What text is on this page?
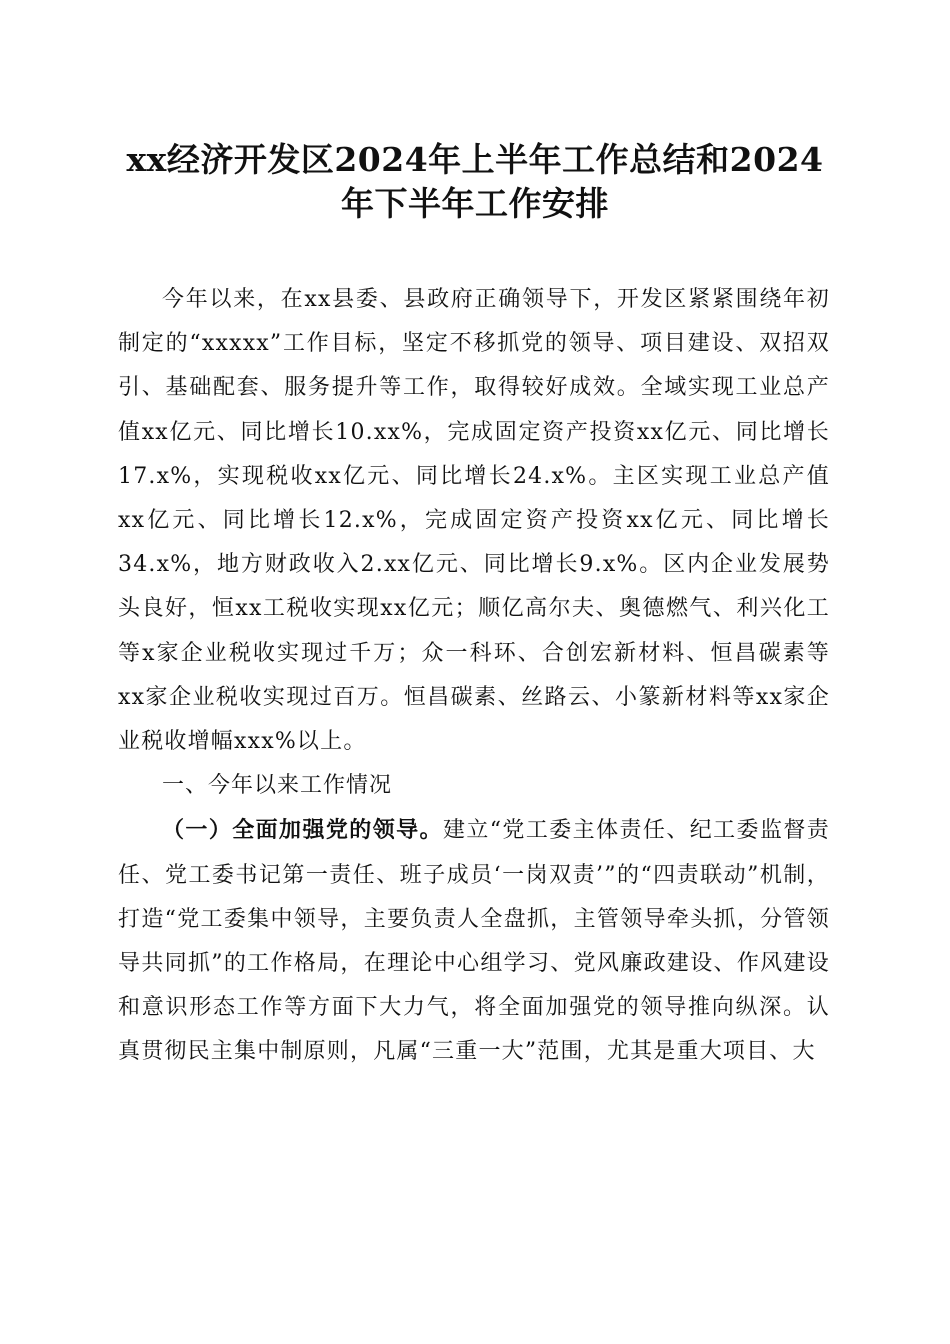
xx经济开发区2024年上半年工作总结和2024
年下半年工作安排

今年以来，在xx县委、县政府正确领导下，开发区紧紧围绕年初制定的“xxxxx”工作目标，坚定不移抓党的领导、项目建设、双招双引、基础配套、服务提升等工作，取得较好成效。全域实现工业总产值xx亿元、同比增长10.xx%，完成固定资产投资xx亿元、同比增长17.x%，实现税收xx亿元、同比增长24.x%。主区实现工业总产值xx亿元、同比增长12.x%，完成固定资产投资xx亿元、同比增长34.x%，地方财政收入2.xx亿元、同比增长9.x%。区内企业发展势头良好，恒xx工税收实现xx亿元；顺亿高尔夫、奥德燃气、利兴化工等x家企业税收实现过千万；众一科环、合创宏新材料、恒昌碳素等xx家企业税收实现过百万。恒昌碳素、丝路云、小篆新材料等xx家企业税收增幅xxx%以上。

一、今年以来工作情况

（一）全面加强党的领导。建立“党工委主体责任、纪工委监督责任、党工委书记第一责任、班子成员‘一岗双责’”的“四责联动”机制，打造“党工委集中领导，主要负责人全盘抓，主管领导牵头抓，分管领导共同抓”的工作格局，在理论中心组学习、党风廉政建设、作风建设和意识形态工作等方面下大力气，将全面加强党的领导推向纵深。认真贯彻民主集中制原则，凡属“三重一大”范围，尤其是重大项目、大
